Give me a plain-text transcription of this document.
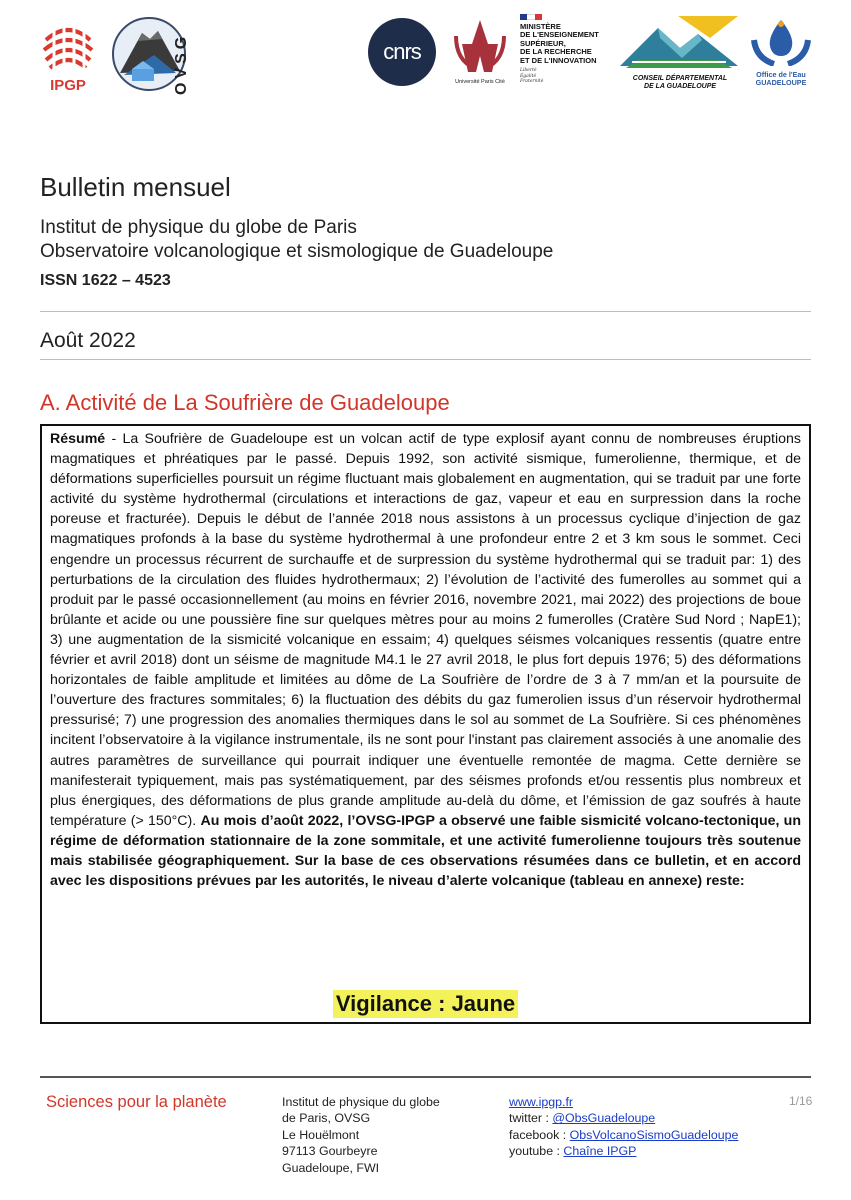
IPGP	OVSG	cnrs
Université Paris Cité
MINISTÈRE
DE L'ENSEIGNEMENT
SUPÉRIEUR,
DE LA RECHERCHE
ET DE L'INNOVATION
Liberté
Égalité
Fraternité	CONSEIL DÉPARTEMENTAL
DE LA GUADELOUPE
Office de l'Eau
GUADELOUPE
Bulletin mensuel
Institut de physique du globe de Paris
Observatoire volcanologique et sismologique de Guadeloupe
ISSN 1622 – 4523
Août 2022
A. Activité de La Soufrière de Guadeloupe

Résumé - La Soufrière de Guadeloupe est un volcan actif de type explosif ayant connu de nombreuses éruptions magmatiques et phréatiques par le passé. Depuis 1992, son activité sismique, fumerolienne, thermique, et de déformations superficielles poursuit un régime fluctuant mais globalement en augmentation, qui se traduit par une forte activité du système hydrothermal (circulations et interactions de gaz, vapeur et eau en surpression dans la roche poreuse et fracturée). Depuis le début de l’année 2018 nous assistons à un processus cyclique d’injection de gaz magmatiques profonds à la base du système hydrothermal à une profondeur entre 2 et 3 km sous le sommet. Ceci engendre un processus récurrent de surchauffe et de surpression du système hydrothermal qui se traduit par: 1) des perturbations de la circulation des fluides hydrothermaux; 2) l’évolution de l’activité des fumerolles au sommet qui a produit par le passé occasionnellement (au moins en février 2016, novembre 2021, mai 2022) des projections de boue brûlante et acide ou une poussière fine sur quelques mètres pour au moins 2 fumerolles (Cratère Sud Nord ; NapE1); 3) une augmentation de la sismicité volcanique en essaim; 4) quelques séismes volcaniques ressentis (quatre entre février et avril 2018) dont un séisme de magnitude M4.1 le 27 avril 2018, le plus fort depuis 1976; 5) des déformations horizontales de faible amplitude et limitées au dôme de La Soufrière de l’ordre de 3 à 7 mm/an et la poursuite de l’ouverture des fractures sommitales; 6) la fluctuation des débits du gaz fumerolien issus d’un réservoir hydrothermal pressurisé; 7) une progression des anomalies thermiques dans le sol au sommet de La Soufrière. Si ces phénomènes incitent l’observatoire à la vigilance instrumentale, ils ne sont pour l'instant pas clairement associés à une anomalie des autres paramètres de surveillance qui pourrait indiquer une éventuelle remontée de magma. Cette dernière se manifesterait typiquement, mais pas systématiquement, par des séismes profonds et/ou ressentis plus nombreux et plus énergiques, des déformations de plus grande amplitude au-delà du dôme, et l’émission de gaz soufrés à haute température (> 150°C). Au mois d’août 2022, l’OVSG-IPGP a observé une faible sismicité volcano-tectonique, un régime de déformation stationnaire de la zone sommitale, et une activité fumerolienne toujours très soutenue mais stabilisée géographiquement. Sur la base de ces observations résumées dans ce bulletin, et en accord avec les dispositions prévues par les autorités, le niveau d’alerte volcanique (tableau en annexe) reste:

Vigilance : Jaune
Sciences pour la planète	Institut de physique du globe
de Paris, OVSG
Le Houëlmont
97113 Gourbeyre
Guadeloupe, FWI
www.ipgp.fr
twitter : @ObsGuadeloupe
facebook : ObsVolcanoSismoGuadeloupe
youtube : Chaîne IPGP
1/16
